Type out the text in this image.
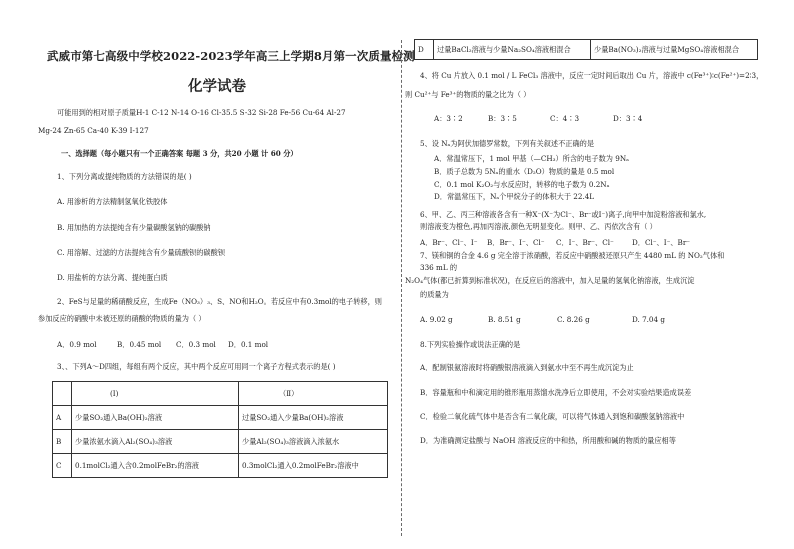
武威市第七高级中学校2022-2023学年高三上学期8月第一次质量检测
化学试卷
可能用到的相对原子质量H-1 C-12 N-14 O-16 Cl-35.5 S-32 Si-28 Fe-56 Cu-64 Al-27
Mg-24 Zn-65 Ca-40 K-39 I-127
一、选择题（每小题只有一个正确答案 每题 3 分，共20 小题 计 60 分）
1、下列分离或提纯物质的方法错误的是( )
A. 用渗析的方法精制氢氧化铁胶体
B. 用加热的方法提纯含有少量碳酸氢钠的碳酸钠
C. 用溶解、过滤的方法提纯含有少量硫酸钡的碳酸钡
D. 用盐析的方法分离、提纯蛋白质
2、FeS与足量的稀硝酸反应，生成Fe（NO₃）₃、S、NO和H₂O。若反应中有0.3mol的电子转移，则
参加反应的硝酸中未被还原的硝酸的物质的量为（ ）
A．0.9 mol	B．0.45 mol C．0.3 mol D．0.1 mol
3、、下列A～D四组，每组有两个反应，其中两个反应可用同一个离子方程式表示的是( )
	(Ⅰ)	（Ⅱ）
A	少量SO₂通入Ba(OH)₂溶液	过量SO₂通入少量Ba(OH)₂溶液
B	少量浓氨水滴入Al₂(SO₄)₃溶液	少量Al₂(SO₄)₃溶液滴入浓氨水
C	0.1molCl₂通入含0.2molFeBr₂的溶液	0.3molCl₂通入0.2molFeBr₂溶液中
D	过量BaCl₂溶液与少量Na₂SO₄溶液相混合	少量Ba(NO₃)₂溶液与过量MgSO₄溶液相混合
4、将 Cu 片放入 0.1 mol / L FeCl₃ 溶液中，反应一定时间后取出 Cu 片，溶液中 c(Fe³⁺)∶c(Fe²⁺)=2∶3，
则 Cu²⁺与 Fe³⁺的物质的量之比为（ ）
A：3∶2	B：3∶5	C：4∶3	D：3∶4
5、设 Nₐ为阿伏加德罗常数，下列有关叙述不正确的是
A．常温常压下，1 mol 甲基（—CH₃）所含的电子数为 9Nₐ
B．质子总数为 5Nₐ的重水（D₂O）物质的量是 0.5 mol
C．0.1 mol K₂O₂与水反应时，转移的电子数为 0.2Nₐ
D．常温常压下，Nₐ个甲烷分子的体积大于 22.4L
6、甲、乙、丙三种溶液各含有一种X⁻(X⁻为Cl⁻、Br⁻或I⁻)离子,向甲中加淀粉溶液和氯水,
则溶液变为橙色,再加丙溶液,颜色无明显变化。则甲、乙、丙依次含有（ ）
A．Br⁻、Cl⁻、I⁻ B．Br⁻、I⁻、Cl⁻ C．I⁻、Br⁻、Cl⁻	D．Cl⁻、I⁻、Br⁻
7、镁和铜的合金 4.6 g 完全溶于浓硝酸，若反应中硝酸被还原只产生 4480 mL 的 NO₂气体和
336 mL 的
N₂O₄气体(都已折算到标准状况)，在反应后的溶液中，加入足量的氢氧化钠溶液，生成沉淀
的质量为
A. 9.02 g	B. 8.51 g	C. 8.26 g	D. 7.04 g
8.下列实验操作或说法正确的是
A．配制银氨溶液时将硝酸银溶液滴入到氨水中至不再生成沉淀为止
B．容量瓶和中和滴定用的锥形瓶用蒸馏水洗净后立即使用，不会对实验结果造成误差
C．检验二氧化硫气体中是否含有二氧化碳，可以将气体通入到饱和碳酸氢钠溶液中
D．为准确测定盐酸与 NaOH 溶液反应的中和热，所用酸和碱的物质的量应相等
